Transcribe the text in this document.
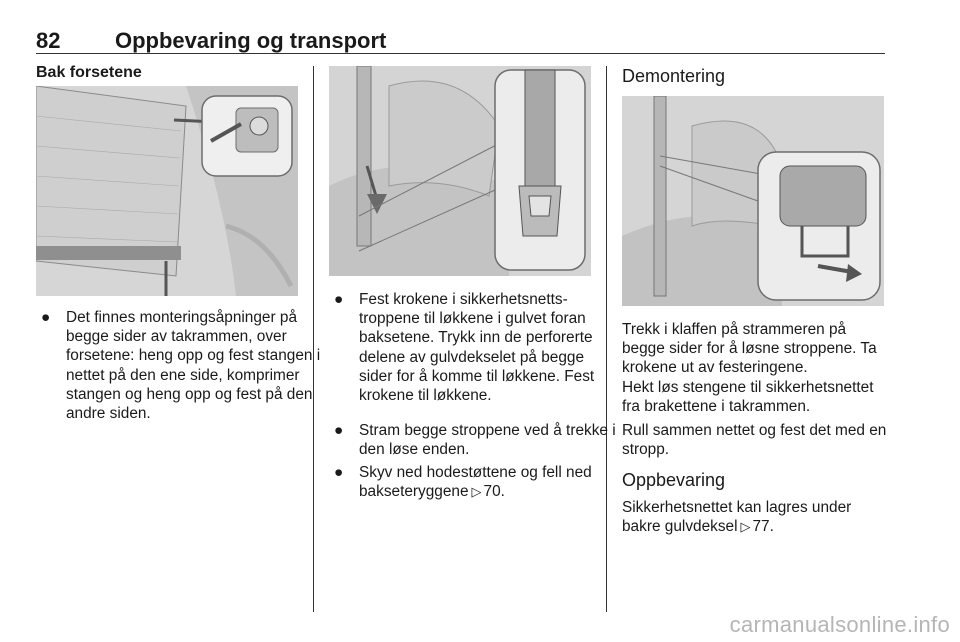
82 Oppbevaring og transport
Bak forsetene
● Det finnes monteringsåpninger på begge sider av takrammen, over forsetene: heng opp og fest stangen i nettet på den ene side, komprimer stangen og heng opp og fest på den andre siden.
● Fest krokene i sikkerhetsnettstroppene til løkkene i gulvet foran baksetene. Trykk inn de perforerte delene av gulvdekselet på begge sider for å komme til løkkene. Fest krokene til løkkene.
● Stram begge stroppene ved å trekke i den løse enden.
● Skyv ned hodestøttene og fell ned bakseteryggene ▷ 70.
Demontering
Trekk i klaffen på strammeren på begge sider for å løsne stroppene. Ta krokene ut av festeringene.
Hekt løs stengene til sikkerhetsnettet fra brakettene i takrammen.
Rull sammen nettet og fest det med en stropp.
Oppbevaring
Sikkerhetsnettet kan lagres under bakre gulvdeksel ▷ 77.
carmanualsonline.info
